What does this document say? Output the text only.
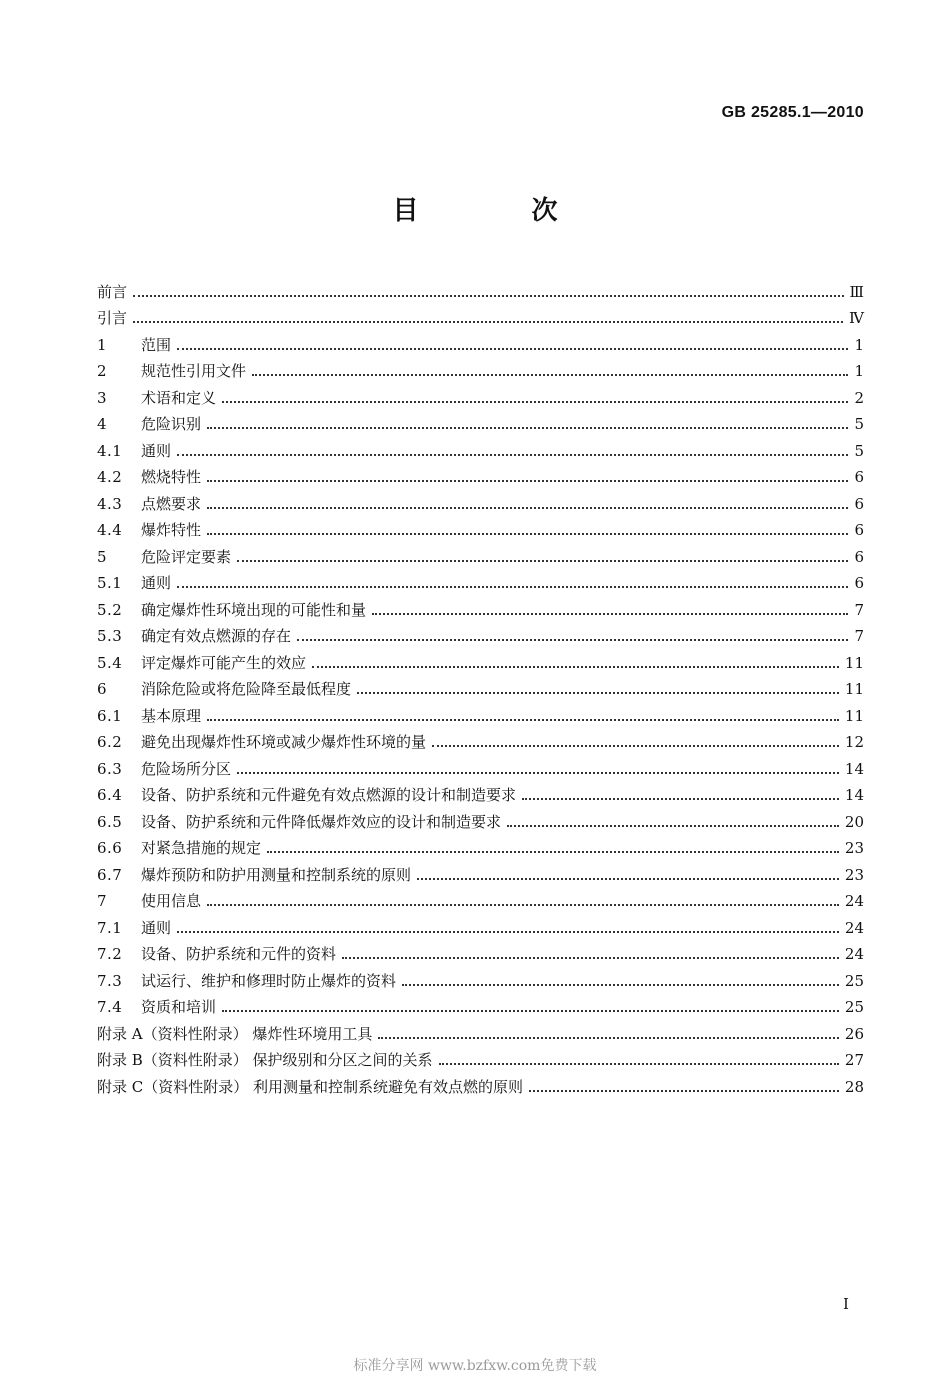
GB 25285.1—2010
目 次
前言	Ⅲ
引言	Ⅳ
1	范围	1
2	规范性引用文件	1
3	术语和定义	2
4	危险识别	5
4.1	通则	5
4.2	燃烧特性	6
4.3	点燃要求	6
4.4	爆炸特性	6
5	危险评定要素	6
5.1	通则	6
5.2	确定爆炸性环境出现的可能性和量	7
5.3	确定有效点燃源的存在	7
5.4	评定爆炸可能产生的效应	11
6	消除危险或将危险降至最低程度	11
6.1	基本原理	11
6.2	避免出现爆炸性环境或减少爆炸性环境的量	12
6.3	危险场所分区	14
6.4	设备、防护系统和元件避免有效点燃源的设计和制造要求	14
6.5	设备、防护系统和元件降低爆炸效应的设计和制造要求	20
6.6	对紧急措施的规定	23
6.7	爆炸预防和防护用测量和控制系统的原则	23
7	使用信息	24
7.1	通则	24
7.2	设备、防护系统和元件的资料	24
7.3	试运行、维护和修理时防止爆炸的资料	25
7.4	资质和培训	25
附录 A（资料性附录） 爆炸性环境用工具	26
附录 B（资料性附录） 保护级别和分区之间的关系	27
附录 C（资料性附录） 利用测量和控制系统避免有效点燃的原则	28
I
标准分享网 www.bzfxw.com免费下载
